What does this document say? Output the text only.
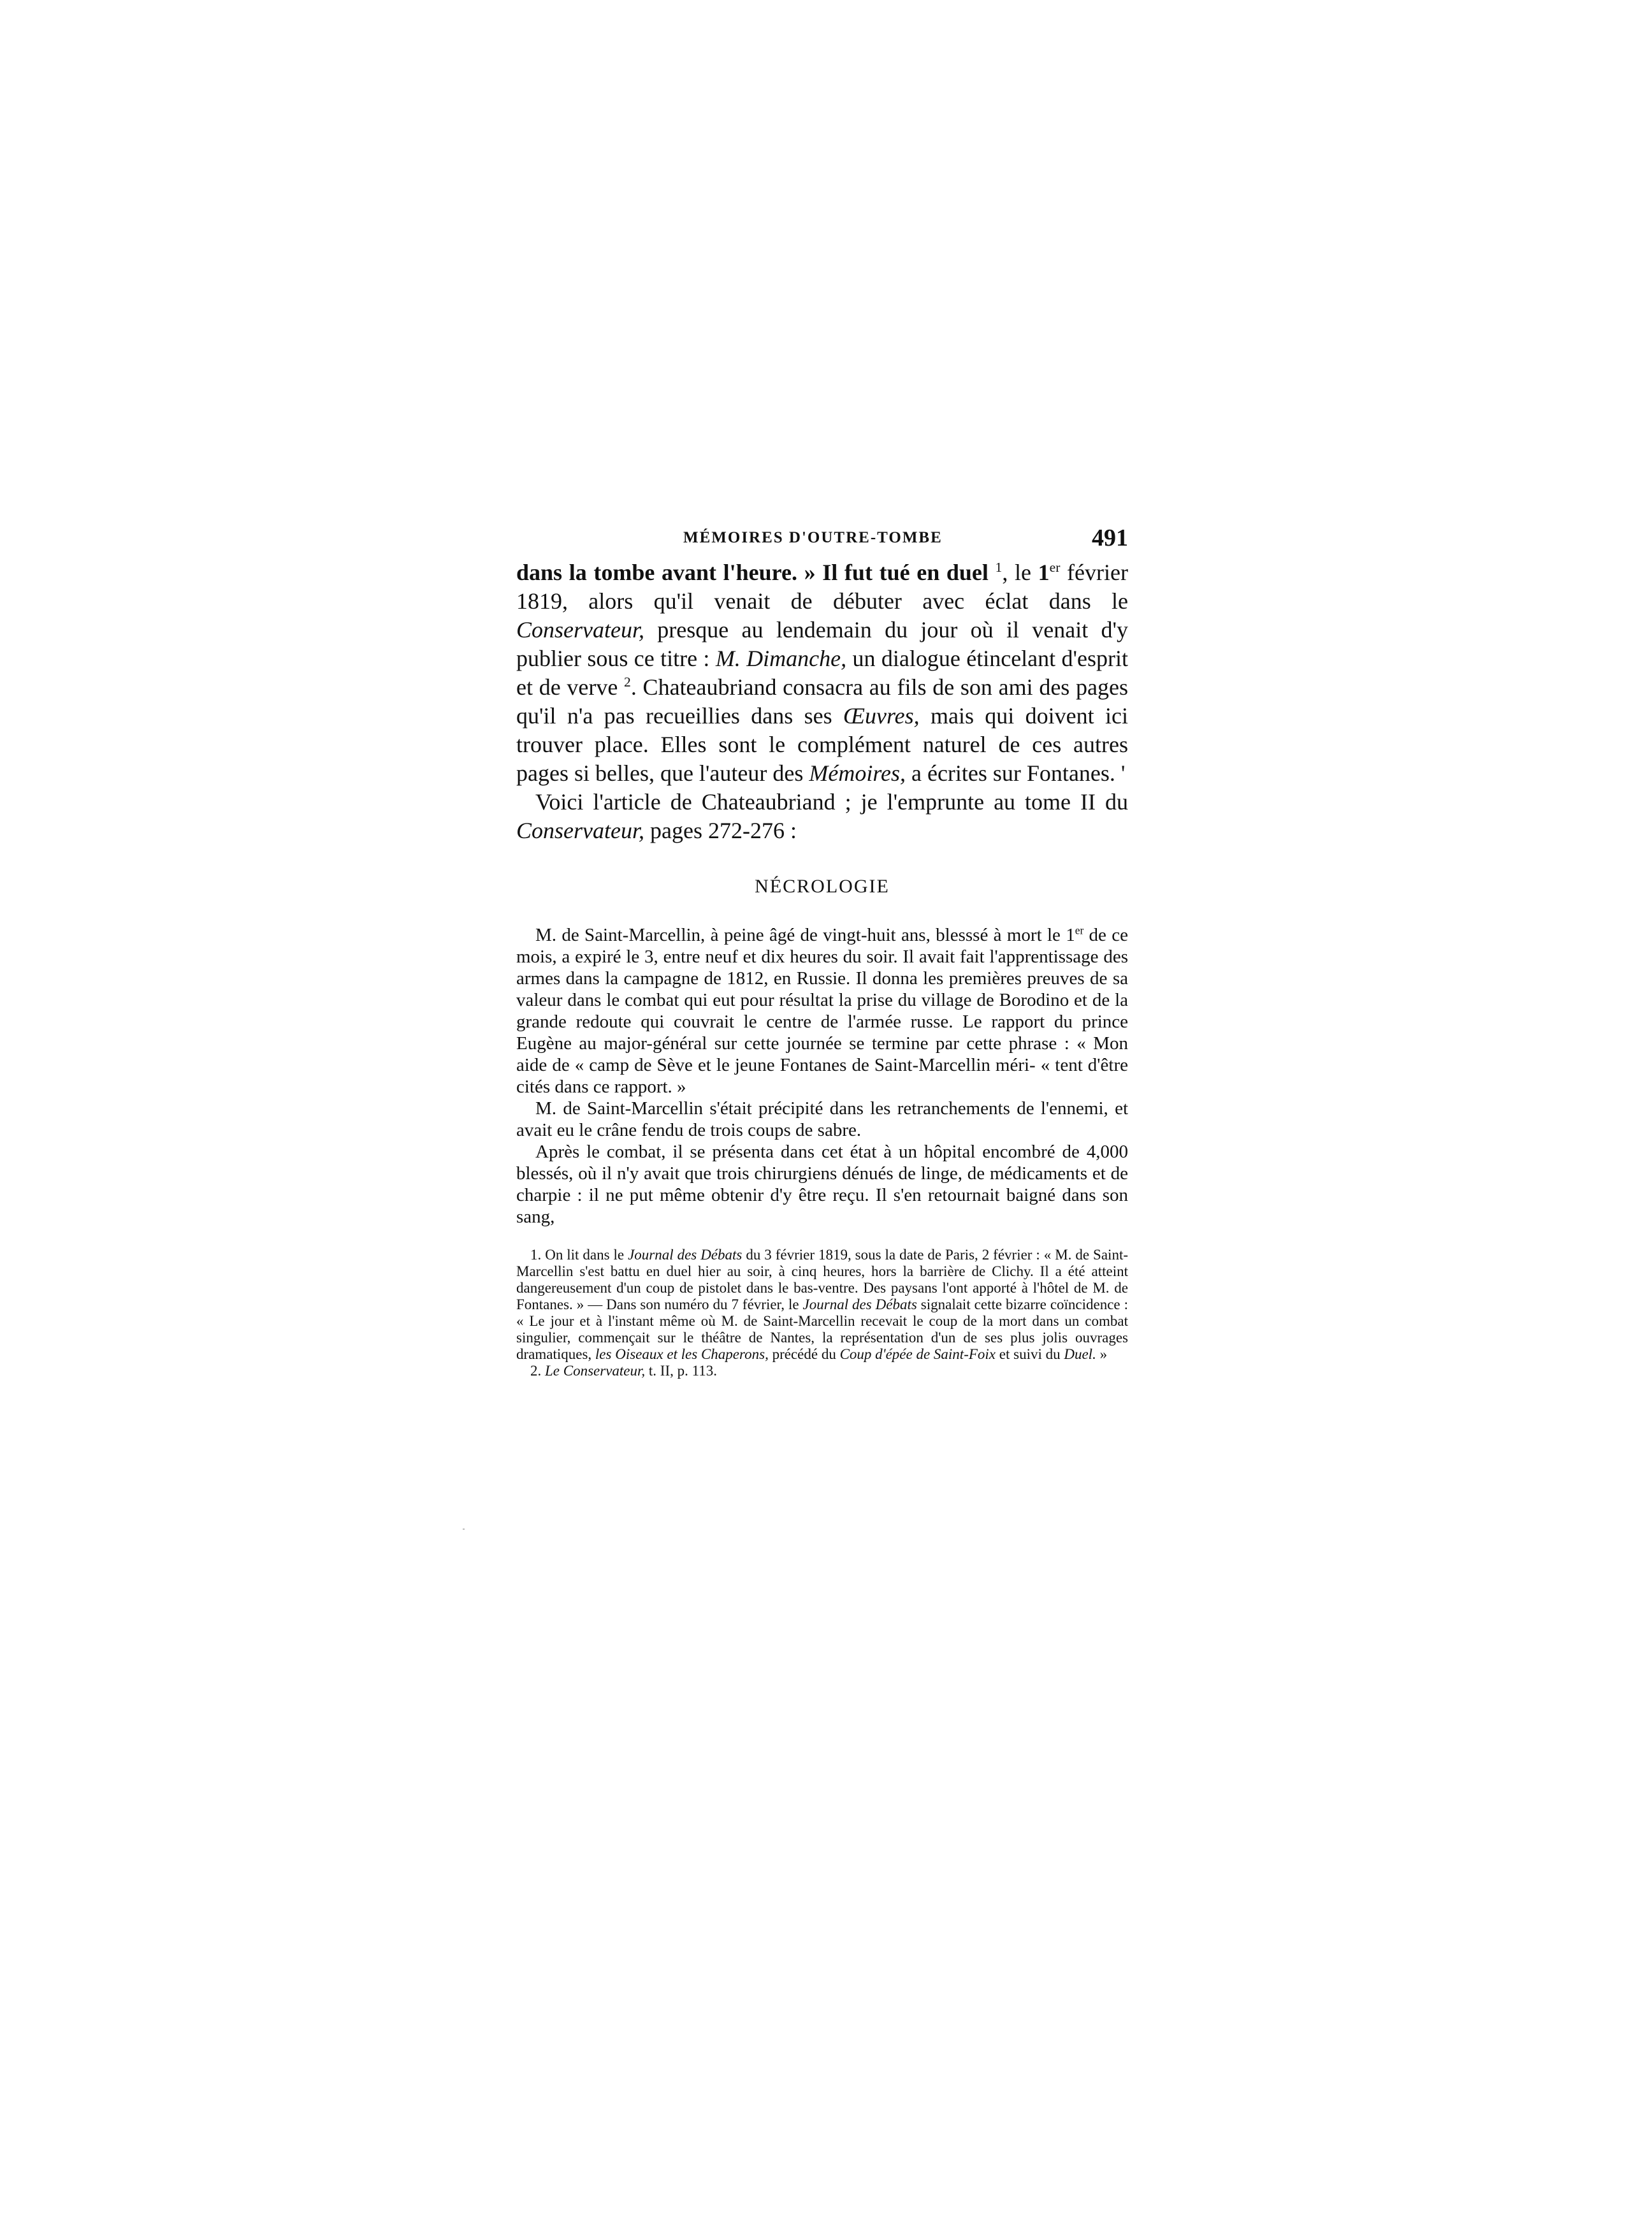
MÉMOIRES D'OUTRE-TOMBE	491

dans la tombe avant l'heure. » Il fut tué en duel $^1$, le 1er février 1819, alors qu'il venait de débuter avec éclat dans le Conservateur, presque au lendemain du jour où il venait d'y publier sous ce titre : M. Dimanche, un dialogue étincelant d'esprit et de verve $^2$. Chateaubriand consacra au fils de son ami des pages qu'il n'a pas recueillies dans ses Œuvres, mais qui doivent ici trouver place. Elles sont le complément naturel de ces autres pages si belles, que l'auteur des Mémoires, a écrites sur Fontanes. '

Voici l'article de Chateaubriand ; je l'emprunte au tome II du Conservateur, pages 272-276 :

NÉCROLOGIE

M. de Saint-Marcellin, à peine âgé de vingt-huit ans, blesssé à mort le 1er de ce mois, a expiré le 3, entre neuf et dix heures du soir. Il avait fait l'apprentissage des armes dans la campagne de 1812, en Russie. Il donna les premières preuves de sa valeur dans le combat qui eut pour résultat la prise du village de Borodino et de la grande redoute qui couvrait le centre de l'armée russe. Le rapport du prince Eugène au major-général sur cette journée se termine par cette phrase : « Mon aide de « camp de Sève et le jeune Fontanes de Saint-Marcellin méri- « tent d'être cités dans ce rapport. »

M. de Saint-Marcellin s'était précipité dans les retranchements de l'ennemi, et avait eu le crâne fendu de trois coups de sabre.

Après le combat, il se présenta dans cet état à un hôpital encombré de 4,000 blessés, où il n'y avait que trois chirurgiens dénués de linge, de médicaments et de charpie : il ne put même obtenir d'y être reçu. Il s'en retournait baigné dans son sang,

1. On lit dans le Journal des Débats du 3 février 1819, sous la date de Paris, 2 février : « M. de Saint-Marcellin s'est battu en duel hier au soir, à cinq heures, hors la barrière de Clichy. Il a été atteint dangereusement d'un coup de pistolet dans le bas-ventre. Des paysans l'ont apporté à l'hôtel de M. de Fontanes. » — Dans son numéro du 7 février, le Journal des Débats signalait cette bizarre coïncidence : « Le jour et à l'instant même où M. de Saint-Marcellin recevait le coup de la mort dans un combat singulier, commençait sur le théâtre de Nantes, la représentation d'un de ses plus jolis ouvrages dramatiques, les Oiseaux et les Chaperons, précédé du Coup d'épée de Saint-Foix et suivi du Duel. »

2. Le Conservateur, t. II, p. 113.
